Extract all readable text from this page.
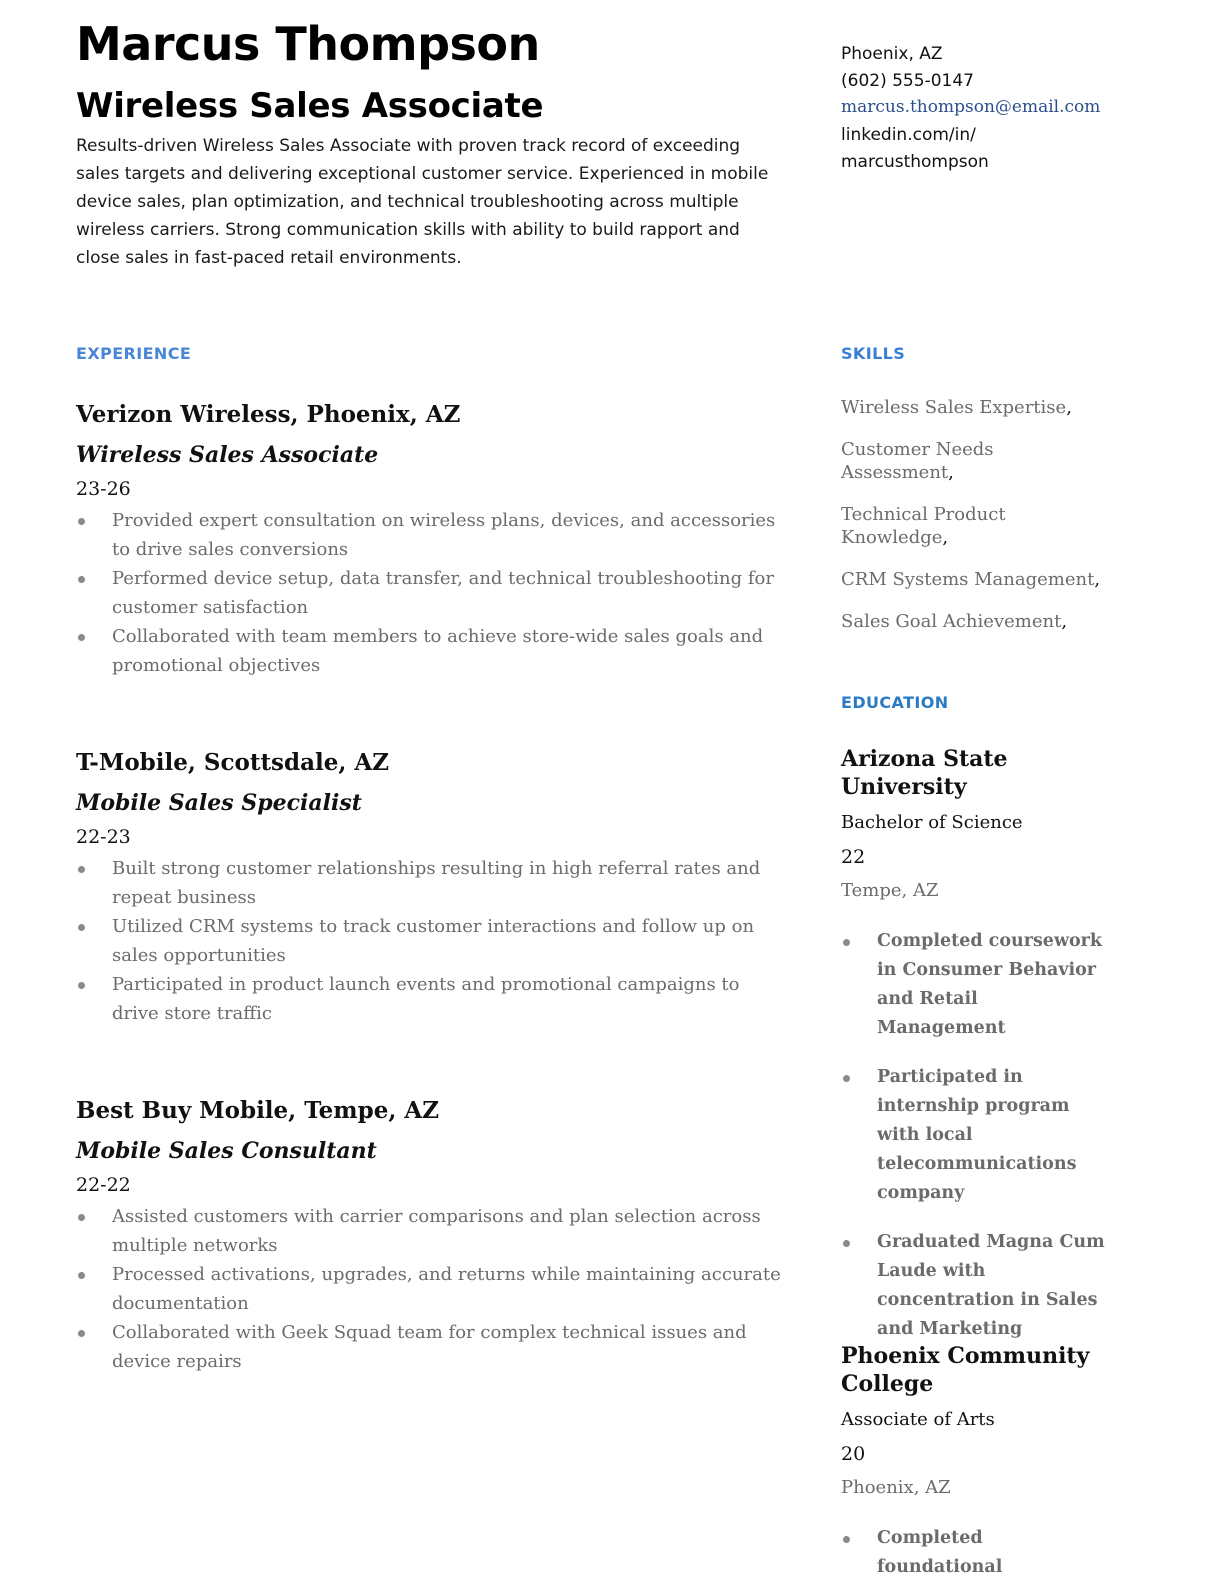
Marcus Thompson
Wireless Sales Associate

Results-driven Wireless Sales Associate with proven track record of exceeding sales targets and delivering exceptional customer service. Experienced in mobile device sales, plan optimization, and technical troubleshooting across multiple wireless carriers. Strong communication skills with ability to build rapport and close sales in fast-paced retail environments.

Phoenix, AZ
(602) 555-0147
marcus.thompson@email.com
linkedin.com/in/
marcusthompson
EXPERIENCE
Verizon Wireless, Phoenix, AZ
Wireless Sales Associate
23-26
Provided expert consultation on wireless plans, devices, and accessories to drive sales conversions
Performed device setup, data transfer, and technical troubleshooting for customer satisfaction
Collaborated with team members to achieve store-wide sales goals and promotional objectives
T-Mobile, Scottsdale, AZ
Mobile Sales Specialist
22-23
Built strong customer relationships resulting in high referral rates and repeat business
Utilized CRM systems to track customer interactions and follow up on sales opportunities
Participated in product launch events and promotional campaigns to drive store traffic
Best Buy Mobile, Tempe, AZ
Mobile Sales Consultant
22-22
Assisted customers with carrier comparisons and plan selection across multiple networks
Processed activations, upgrades, and returns while maintaining accurate documentation
Collaborated with Geek Squad team for complex technical issues and device repairs
SKILLS
Wireless Sales Expertise,
Customer Needs Assessment,
Technical Product Knowledge,
CRM Systems Management,
Sales Goal Achievement,
EDUCATION
Arizona State University
Bachelor of Science
22
Tempe, AZ
Completed coursework in Consumer Behavior and Retail Management
Participated in internship program with local telecommunications company
Graduated Magna Cum Laude with concentration in Sales and Marketing
Phoenix Community College
Associate of Arts
20
Phoenix, AZ
Completed foundational
